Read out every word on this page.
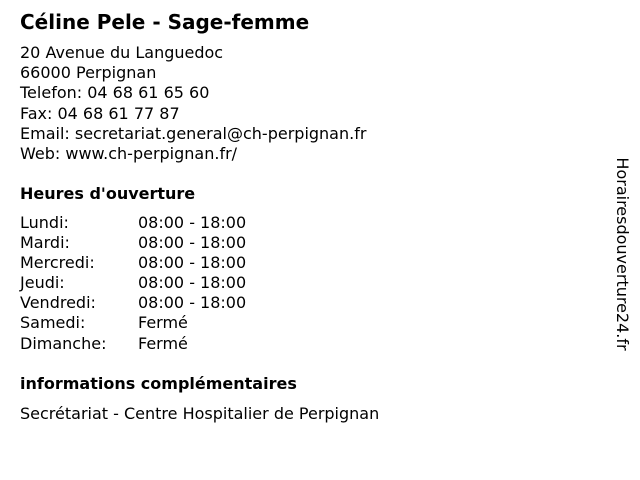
Céline Pele - Sage-femme
20 Avenue du Languedoc
66000 Perpignan
Telefon: 04 68 61 65 60
Fax: 04 68 61 77 87
Email: secretariat.general@ch-perpignan.fr
Web: www.ch-perpignan.fr/
Heures d'ouverture
Lundi:	08:00 - 18:00
Mardi:	08:00 - 18:00
Mercredi:	08:00 - 18:00
Jeudi:	08:00 - 18:00
Vendredi:	08:00 - 18:00
Samedi:	Fermé
Dimanche:	Fermé
informations complémentaires
Secrétariat - Centre Hospitalier de Perpignan
Horairesdouverture24.fr
